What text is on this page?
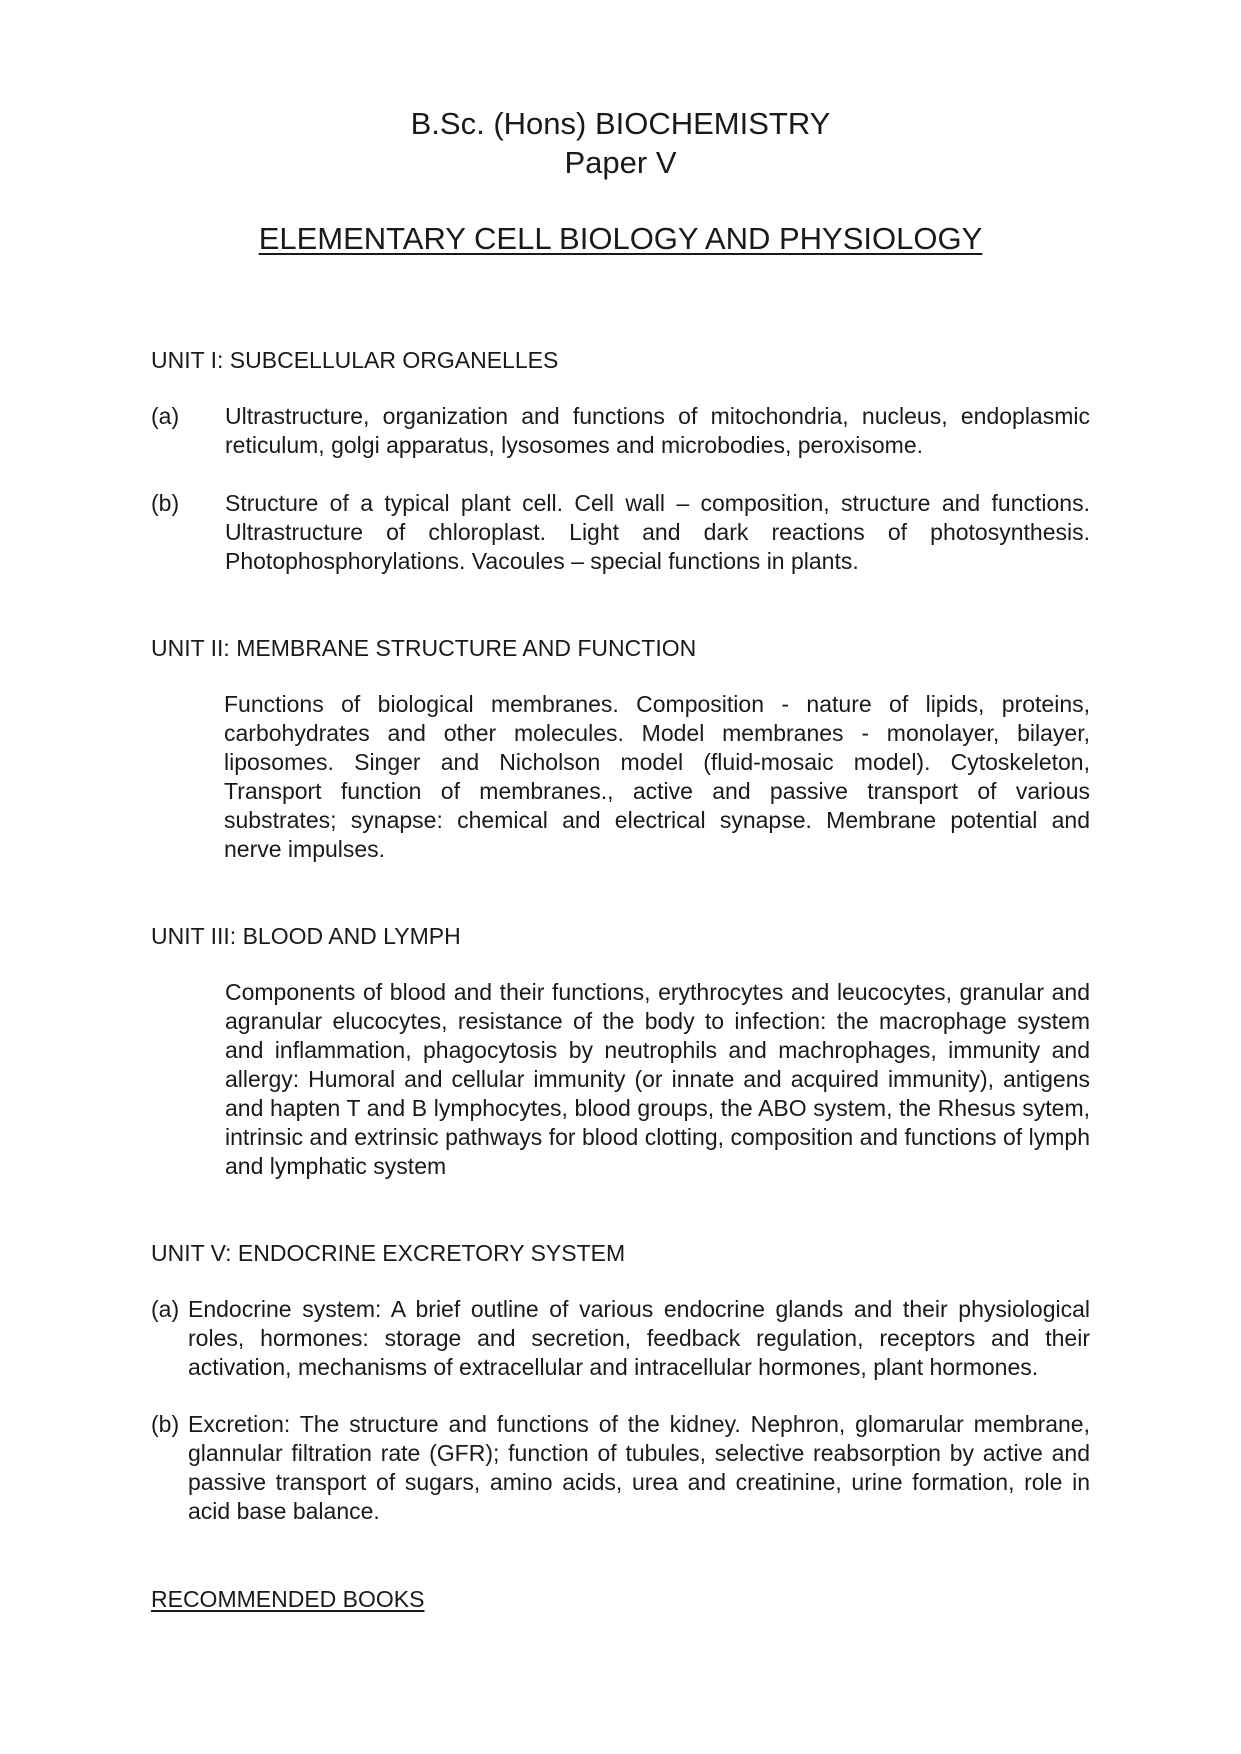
B.Sc. (Hons) BIOCHEMISTRY
Paper V
ELEMENTARY CELL BIOLOGY AND PHYSIOLOGY
UNIT I: SUBCELLULAR ORGANELLES
(a) Ultrastructure, organization and functions of mitochondria, nucleus, endoplasmic reticulum, golgi apparatus, lysosomes and microbodies, peroxisome.
(b) Structure of a typical plant cell. Cell wall – composition, structure and functions. Ultrastructure of chloroplast. Light and dark reactions of photosynthesis. Photophosphorylations. Vacoules – special functions in plants.
UNIT II: MEMBRANE STRUCTURE AND FUNCTION
Functions of biological membranes. Composition - nature of lipids, proteins, carbohydrates and other molecules. Model membranes - monolayer, bilayer, liposomes. Singer and Nicholson model (fluid-mosaic model). Cytoskeleton, Transport function of membranes., active and passive transport of various substrates; synapse: chemical and electrical synapse. Membrane potential and nerve impulses.
UNIT III: BLOOD AND LYMPH
Components of blood and their functions, erythrocytes and leucocytes, granular and agranular elucocytes, resistance of the body to infection: the macrophage system and inflammation, phagocytosis by neutrophils and machrophages, immunity and allergy: Humoral and cellular immunity (or innate and acquired immunity), antigens and hapten T and B lymphocytes, blood groups, the ABO system, the Rhesus sytem, intrinsic and extrinsic pathways for blood clotting, composition and functions of lymph and lymphatic system
UNIT V: ENDOCRINE EXCRETORY SYSTEM
(a) Endocrine system: A brief outline of various endocrine glands and their physiological roles, hormones: storage and secretion, feedback regulation, receptors and their activation, mechanisms of extracellular and intracellular hormones, plant hormones.
(b) Excretion: The structure and functions of the kidney. Nephron, glomarular membrane, glannular filtration rate (GFR); function of tubules, selective reabsorption by active and passive transport of sugars, amino acids, urea and creatinine, urine formation, role in acid base balance.
RECOMMENDED BOOKS
